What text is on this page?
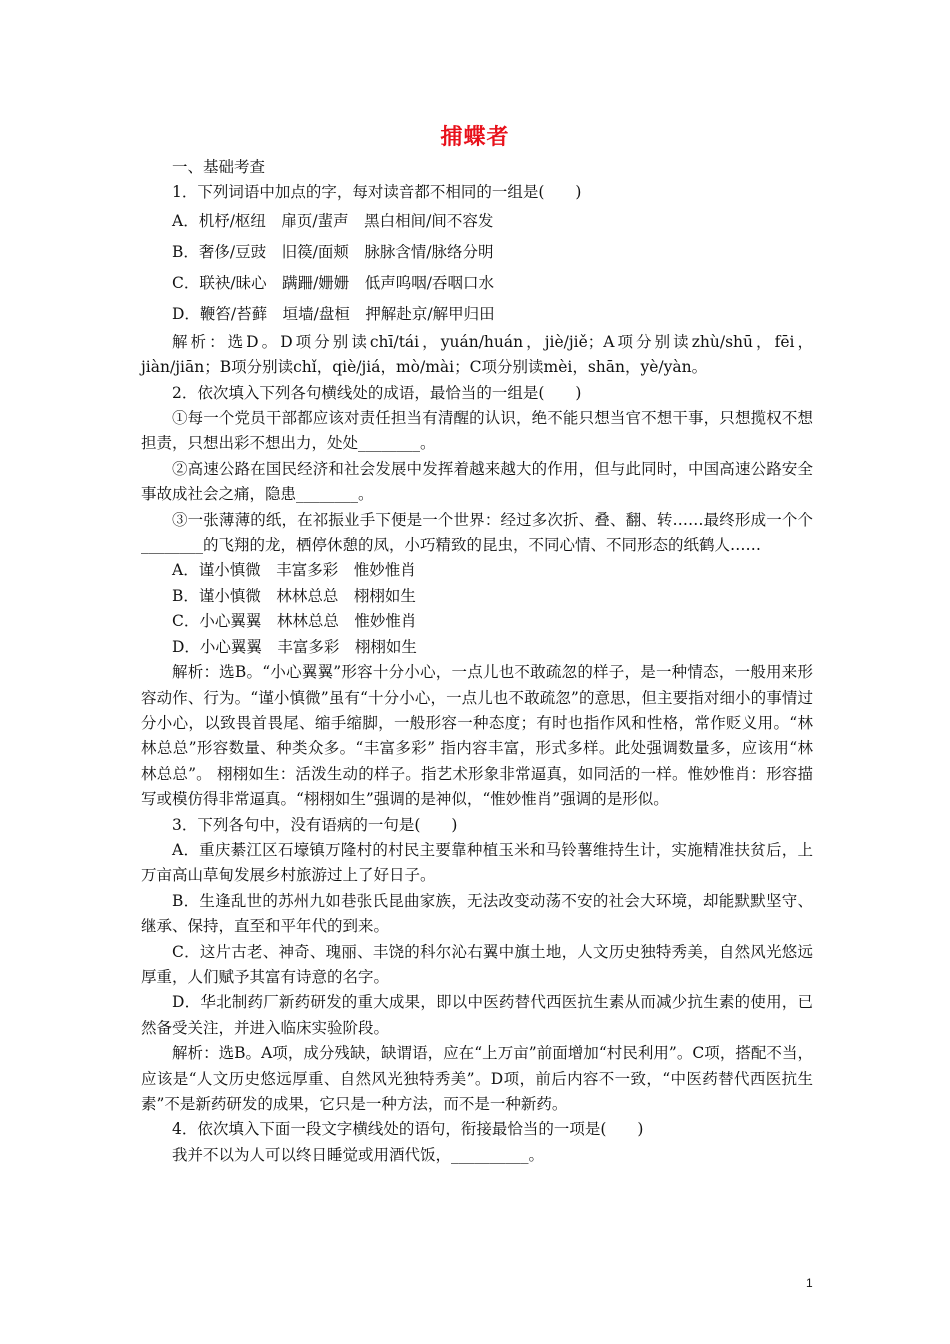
捕蝶者

一、基础考查

1．下列词语中加点的字，每对读音都不相同的一组是(　　)

A．机杼/枢纽　扉页/蜚声　黑白相间/间不容发

B．奢侈/豆豉　旧篌/面颊　脉脉含情/脉络分明

C．联袂/昧心　蹒跚/姗姗　低声呜咽/吞咽口水

D．鞭笞/苔藓　垣墙/盘桓　押解赴京/解甲归田

解析：选D。D项分别读chī/tái，yuán/huán，jiè/jiě；A项分别读zhù/shū，fēi，jiàn/jiān；B项分别读chǐ，qiè/jiá，mò/mài；C项分别读mèi，shān，yè/yàn。

2．依次填入下列各句横线处的成语，最恰当的一组是(　　)

①每一个党员干部都应该对责任担当有清醒的认识，绝不能只想当官不想干事，只想揽权不想担责，只想出彩不想出力，处处________。

②高速公路在国民经济和社会发展中发挥着越来越大的作用，但与此同时，中国高速公路安全事故成社会之痛，隐患________。

③一张薄薄的纸，在祁振业手下便是一个世界：经过多次折、叠、翻、转……最终形成一个个________的飞翔的龙，栖停休憩的凤，小巧精致的昆虫，不同心情、不同形态的纸鹤人……

A．谨小慎微　丰富多彩　惟妙惟肖

B．谨小慎微　林林总总　栩栩如生

C．小心翼翼　林林总总　惟妙惟肖

D．小心翼翼　丰富多彩　栩栩如生

解析：选B。“小心翼翼”形容十分小心，一点儿也不敢疏忽的样子，是一种情态，一般用来形容动作、行为。“谨小慎微”虽有“十分小心，一点儿也不敢疏忽”的意思，但主要指对细小的事情过分小心，以致畏首畏尾、缩手缩脚，一般形容一种态度；有时也指作风和性格，常作贬义用。“林林总总”形容数量、种类众多。“丰富多彩” 指内容丰富，形式多样。此处强调数量多，应该用“林林总总”。 栩栩如生：活泼生动的样子。指艺术形象非常逼真，如同活的一样。惟妙惟肖：形容描写或模仿得非常逼真。“栩栩如生”强调的是神似，“惟妙惟肖”强调的是形似。

3．下列各句中，没有语病的一句是(　　)

A．重庆綦江区石壕镇万隆村的村民主要靠种植玉米和马铃薯维持生计，实施精准扶贫后，上万亩高山草甸发展乡村旅游过上了好日子。

B．生逢乱世的苏州九如巷张氏昆曲家族，无法改变动荡不安的社会大环境，却能默默坚守、继承、保持，直至和平年代的到来。

C．这片古老、神奇、瑰丽、丰饶的科尔沁右翼中旗土地，人文历史独特秀美，自然风光悠远厚重，人们赋予其富有诗意的名字。

D．华北制药厂新药研发的重大成果，即以中医药替代西医抗生素从而减少抗生素的使用，已然备受关注，并进入临床实验阶段。

解析：选B。A项，成分残缺，缺谓语，应在“上万亩”前面增加“村民利用”。C项，搭配不当，应该是“人文历史悠远厚重、自然风光独特秀美”。D项，前后内容不一致，“中医药替代西医抗生素”不是新药研发的成果，它只是一种方法，而不是一种新药。

4．依次填入下面一段文字横线处的语句，衔接最恰当的一项是(　　)

我并不以为人可以终日睡觉或用酒代饭，__________。

1
